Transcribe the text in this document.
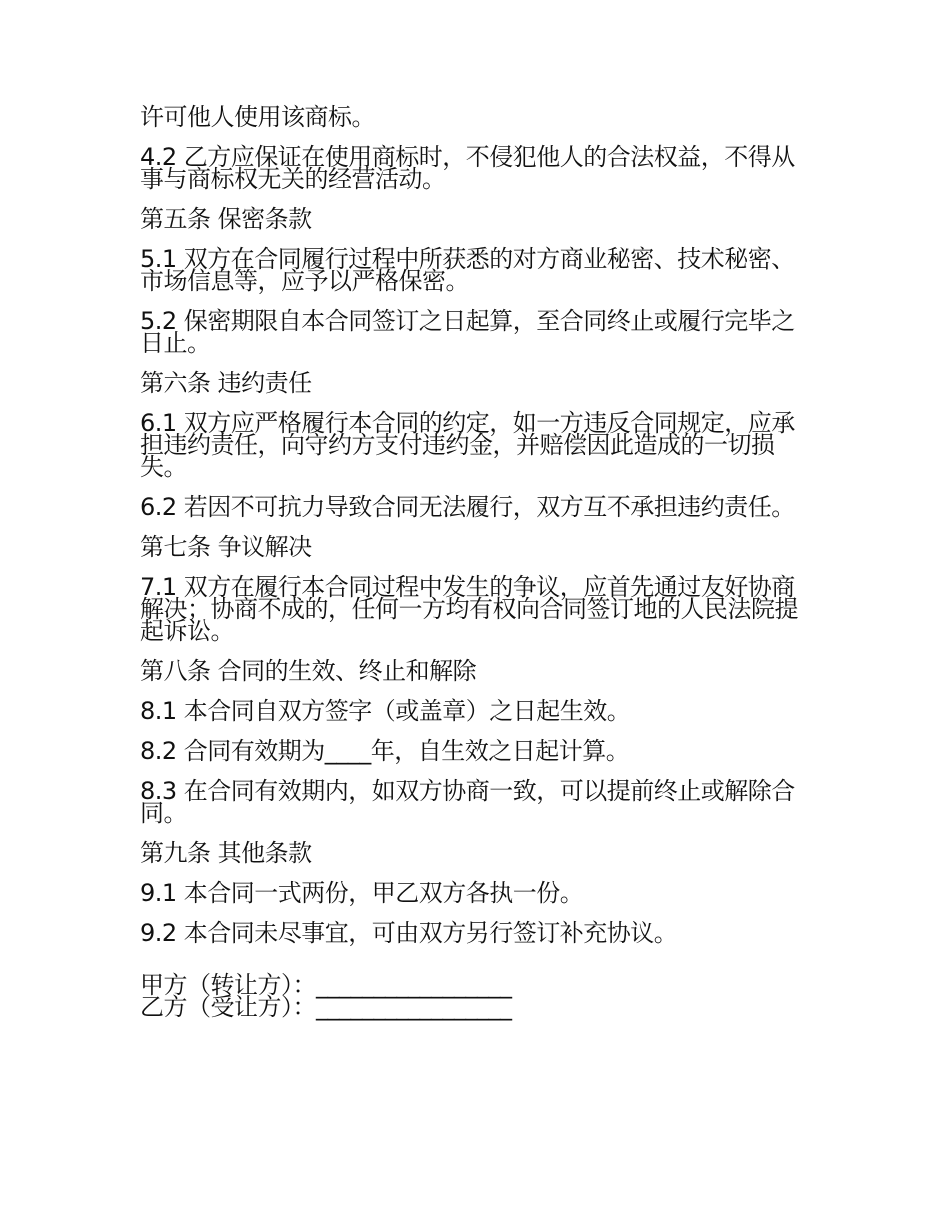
许可他人使用该商标。

4.2 乙方应保证在使用商标时，不侵犯他人的合法权益，不得从事与商标权无关的经营活动。

第五条 保密条款

5.1 双方在合同履行过程中所获悉的对方商业秘密、技术秘密、市场信息等，应予以严格保密。

5.2 保密期限自本合同签订之日起算，至合同终止或履行完毕之日止。

第六条 违约责任

6.1 双方应严格履行本合同的约定，如一方违反合同规定，应承担违约责任，向守约方支付违约金，并赔偿因此造成的一切损失。

6.2 若因不可抗力导致合同无法履行，双方互不承担违约责任。

第七条 争议解决

7.1 双方在履行本合同过程中发生的争议，应首先通过友好协商解决；协商不成的，任何一方均有权向合同签订地的人民法院提起诉讼。

第八条 合同的生效、终止和解除

8.1 本合同自双方签字（或盖章）之日起生效。

8.2 合同有效期为____年，自生效之日起计算。

8.3 在合同有效期内，如双方协商一致，可以提前终止或解除合同。

第九条 其他条款

9.1 本合同一式两份，甲乙双方各执一份。

9.2 本合同未尽事宜，可由双方另行签订补充协议。

甲方（转让方）：_________________
乙方（受让方）：_________________
